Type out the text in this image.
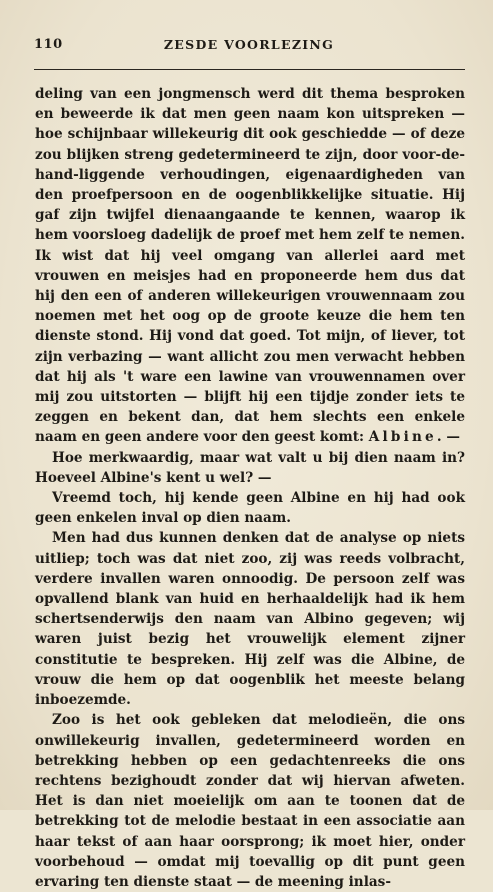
110	ZESDE VOORLEZING

deling van een jongmensch werd dit thema besproken en beweerde ik dat men geen naam kon uitspreken — hoe schijnbaar willekeurig dit ook geschiedde — of deze zou blijken streng gedetermineerd te zijn, door voor-de-hand-liggende verhoudingen, eigenaardigheden van den proefpersoon en de oogenblikkelijke situatie. Hij gaf zijn twijfel dienaangaande te kennen, waarop ik hem voorsloeg dadelijk de proef met hem zelf te nemen. Ik wist dat hij veel omgang van allerlei aard met vrouwen en meisjes had en proponeerde hem dus dat hij den een of anderen willekeurigen vrouwennaam zou noemen met het oog op de groote keuze die hem ten dienste stond. Hij vond dat goed. Tot mijn, of liever, tot zijn verbazing — want allicht zou men verwacht hebben dat hij als 't ware een lawine van vrouwennamen over mij zou uitstorten — blijft hij een tijdje zonder iets te zeggen en bekent dan, dat hem slechts een enkele naam en geen andere voor den geest komt: Albine. —

Hoe merkwaardig, maar wat valt u bij dien naam in? Hoeveel Albine's kent u wel? —

Vreemd toch, hij kende geen Albine en hij had ook geen enkelen inval op dien naam.

Men had dus kunnen denken dat de analyse op niets uitliep; toch was dat niet zoo, zij was reeds volbracht, verdere invallen waren onnoodig. De persoon zelf was opvallend blank van huid en herhaaldelijk had ik hem schertsenderwijs den naam van Albino gegeven; wij waren juist bezig het vrouwelijk element zijner constitutie te bespreken. Hij zelf was die Albine, de vrouw die hem op dat oogenblik het meeste belang inboezemde.

Zoo is het ook gebleken dat melodieën, die ons onwillekeurig invallen, gedetermineerd worden en betrekking hebben op een gedachtenreeks die ons rechtens bezighoudt zonder dat wij hiervan afweten. Het is dan niet moeielijk om aan te toonen dat de betrekking tot de melodie bestaat in een associatie aan haar tekst of aan haar oorsprong; ik moet hier, onder voorbehoud — omdat mij toevallig op dit punt geen ervaring ten dienste staat — de meening inlas-
